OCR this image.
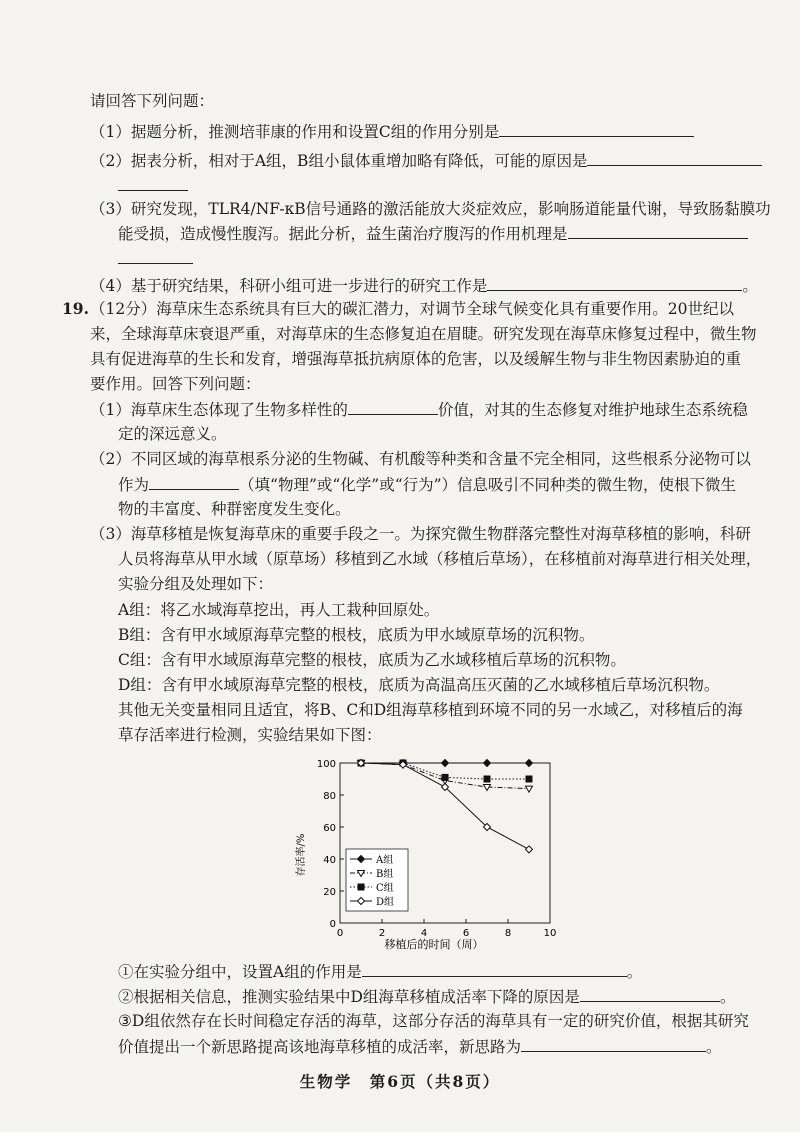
请回答下列问题：
（1）据题分析，推测培菲康的作用和设置C组的作用分别是
（2）据表分析，相对于A组，B组小鼠体重增加略有降低，可能的原因是
（3）研究发现，TLR4/NF-κB信号通路的激活能放大炎症效应，影响肠道能量代谢，导致肠黏膜功
能受损，造成慢性腹泻。据此分析，益生菌治疗腹泻的作用机理是
（4）基于研究结果，科研小组可进一步进行的研究工作是	。
19. （12分）海草床生态系统具有巨大的碳汇潜力，对调节全球气候变化具有重要作用。20世纪以
来，全球海草床衰退严重，对海草床的生态修复迫在眉睫。研究发现在海草床修复过程中，微生物
具有促进海草的生长和发育，增强海草抵抗病原体的危害，以及缓解生物与非生物因素胁迫的重
要作用。回答下列问题：
（1）海草床生态体现了生物多样性的	价值，对其的生态修复对维护地球生态系统稳
定的深远意义。
（2）不同区域的海草根系分泌的生物碱、有机酸等种类和含量不完全相同，这些根系分泌物可以
作为	（填“物理”或“化学”或“行为”）信息吸引不同种类的微生物，使根下微生
物的丰富度、种群密度发生变化。
（3）海草移植是恢复海草床的重要手段之一。为探究微生物群落完整性对海草移植的影响，科研
人员将海草从甲水域（原草场）移植到乙水域（移植后草场），在移植前对海草进行相关处理，
实验分组及处理如下：
A组：将乙水域海草挖出，再人工栽种回原处。
B组：含有甲水域原海草完整的根枝，底质为甲水域原草场的沉积物。
C组：含有甲水域原海草完整的根枝，底质为乙水域移植后草场的沉积物。
D组：含有甲水域原海草完整的根枝，底质为高温高压灭菌的乙水域移植后草场沉积物。
其他无关变量相同且适宜，将B、C和D组海草移植到环境不同的另一水域乙，对移植后的海
草存活率进行检测，实验结果如下图：
存活率/%
移植后的时间（周）
0
20
40
60
80
100
0	2	4	6	8	10
A组
B组
C组
D组
①在实验分组中，设置A组的作用是	。
②根据相关信息，推测实验结果中D组海草移植成活率下降的原因是	。
③D组依然存在长时间稳定存活的海草，这部分存活的海草具有一定的研究价值，根据其研究
价值提出一个新思路提高该地海草移植的成活率，新思路为	。
生物学　第6页（共8页）
